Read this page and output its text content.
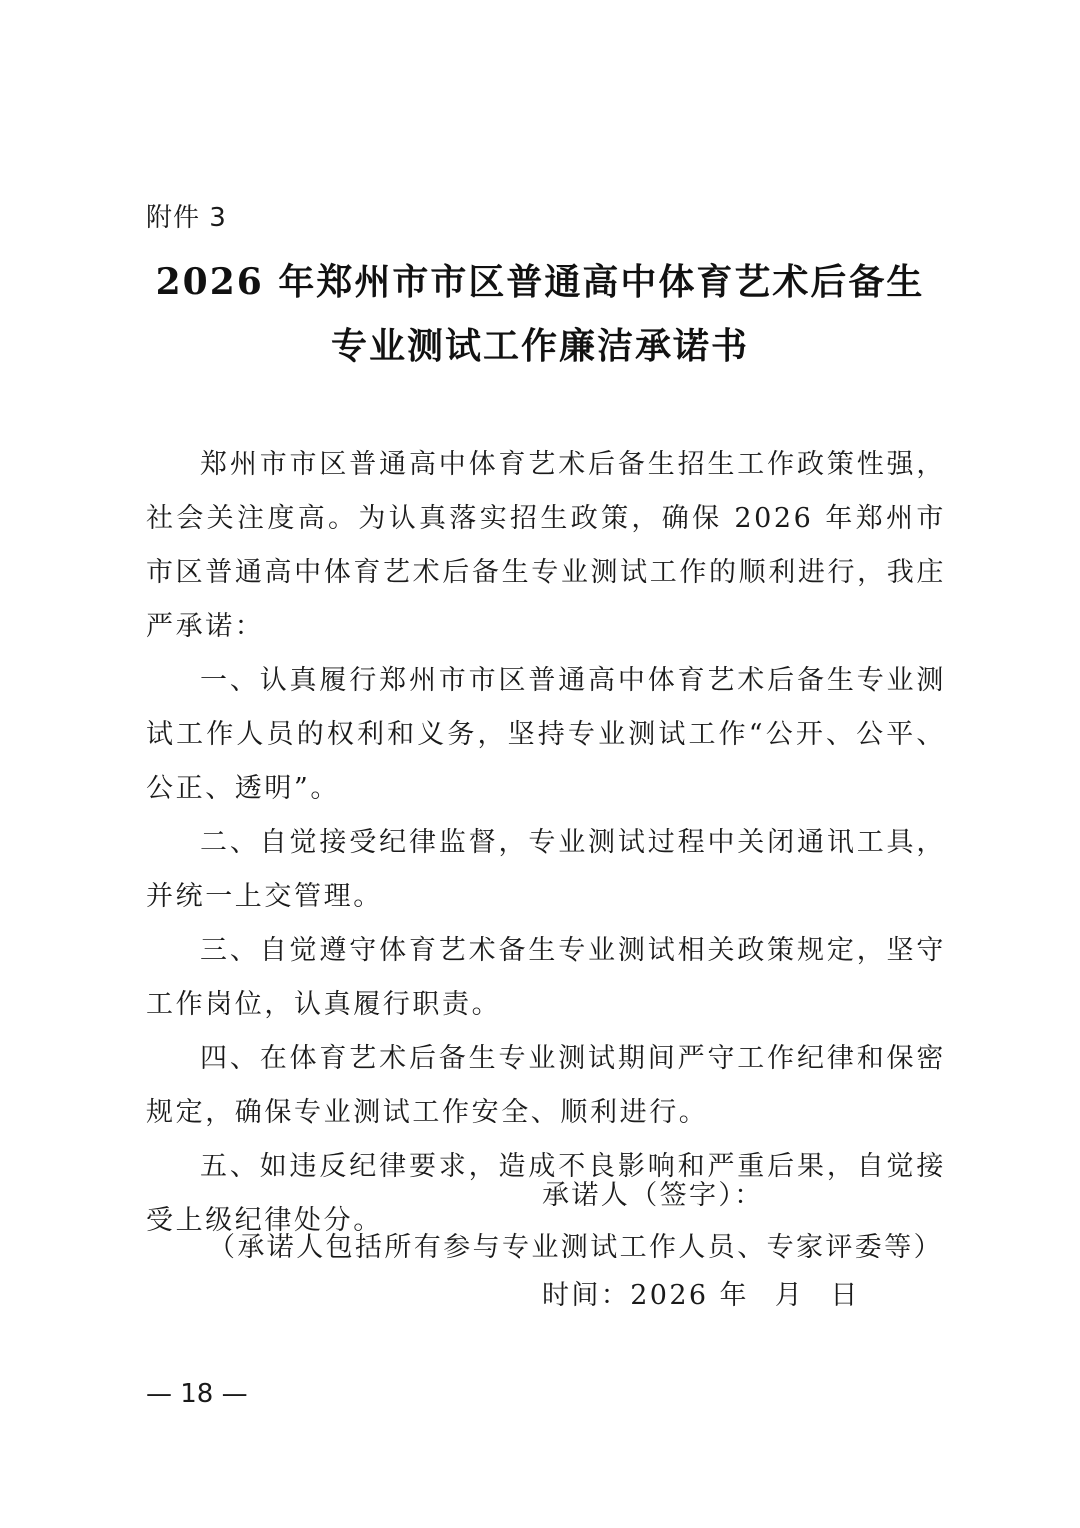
附件 3
2026 年郑州市市区普通高中体育艺术后备生
专业测试工作廉洁承诺书

郑州市市区普通高中体育艺术后备生招生工作政策性强，社会关注度高。为认真落实招生政策，确保 2026 年郑州市市区普通高中体育艺术后备生专业测试工作的顺利进行，我庄严承诺：

一、认真履行郑州市市区普通高中体育艺术后备生专业测试工作人员的权利和义务，坚持专业测试工作“公开、公平、公正、透明”。

二、自觉接受纪律监督，专业测试过程中关闭通讯工具，并统一上交管理。

三、自觉遵守体育艺术备生专业测试相关政策规定，坚守工作岗位，认真履行职责。

四、在体育艺术后备生专业测试期间严守工作纪律和保密规定，确保专业测试工作安全、顺利进行。

五、如违反纪律要求，造成不良影响和严重后果，自觉接受上级纪律处分。

承诺人（签字）：
（承诺人包括所有参与专业测试工作人员、专家评委等）
时间：2026 年 月 日
— 18 —
